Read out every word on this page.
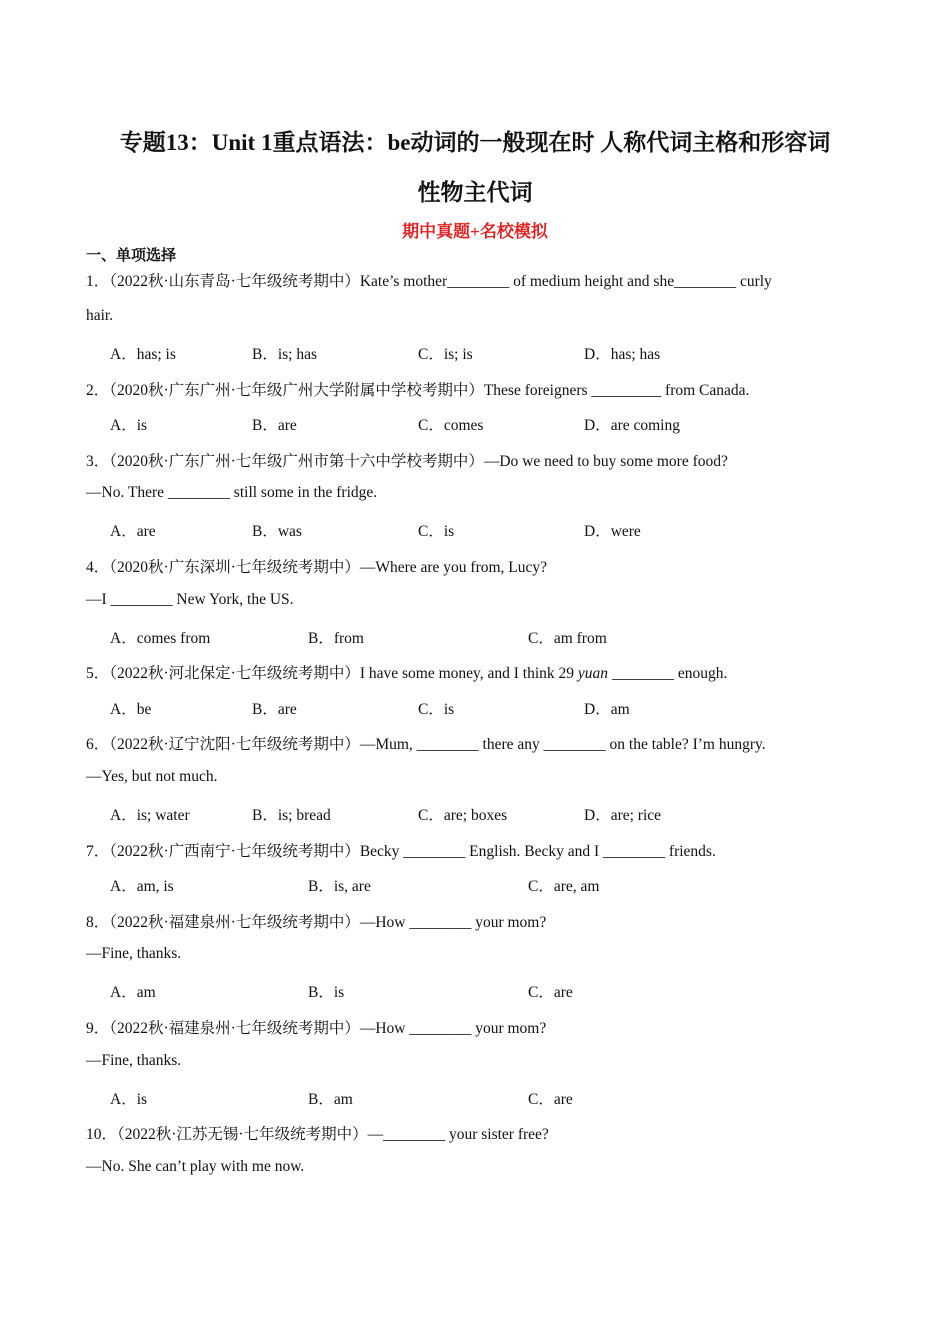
专题13：Unit 1重点语法：be动词的一般现在时 人称代词主格和形容词
性物主代词
期中真题+名校模拟
一、单项选择
1．（2022秋·山东青岛·七年级统考期中）Kate’s mother________ of medium height and she________ curly
hair.
A．has; is	B．is; has	C．is; is	D．has; has
2．（2020秋·广东广州·七年级广州大学附属中学校考期中）These foreigners _________ from Canada.
A．is	B．are	C．comes	D．are coming
3．（2020秋·广东广州·七年级广州市第十六中学校考期中）—Do we need to buy some more food?
—No. There ________ still some in the fridge.
A．are	B．was	C．is	D．were
4．（2020秋·广东深圳·七年级统考期中）—Where are you from, Lucy?
—I ________ New York, the US.
A．comes from	B．from	C．am from
5．（2022秋·河北保定·七年级统考期中）I have some money, and I think 29 yuan ________ enough.
A．be	B．are	C．is	D．am
6．（2022秋·辽宁沈阳·七年级统考期中）—Mum, ________ there any ________ on the table? I’m hungry.
—Yes, but not much.
A．is; water	B．is; bread	C．are; boxes	D．are; rice
7．（2022秋·广西南宁·七年级统考期中）Becky ________ English. Becky and I ________ friends.
A．am, is	B．is, are	C．are, am
8．（2022秋·福建泉州·七年级统考期中）—How ________ your mom?
—Fine, thanks.
A．am	B．is	C．are
9．（2022秋·福建泉州·七年级统考期中）—How ________ your mom?
—Fine, thanks.
A．is	B．am	C．are
10．（2022秋·江苏无锡·七年级统考期中）—________ your sister free?
—No. She can’t play with me now.
